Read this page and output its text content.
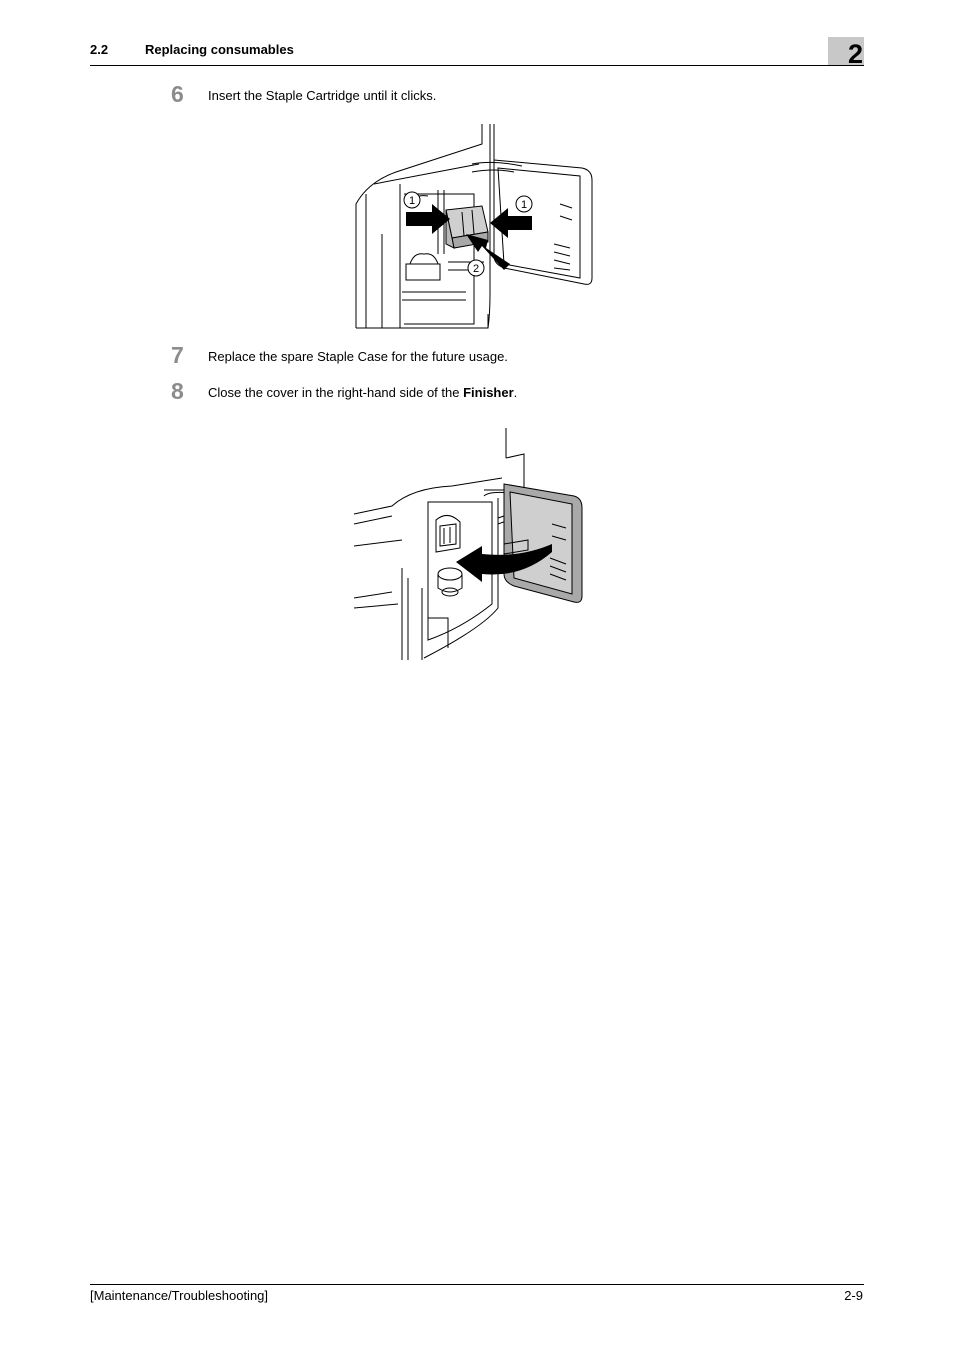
2.2	Replacing consumables	2
6 Insert the Staple Cartridge until it clicks.
1	1
2
7 Replace the spare Staple Case for the future usage.
8 Close the cover in the right-hand side of the Finisher.
[Maintenance/Troubleshooting]	2-9
